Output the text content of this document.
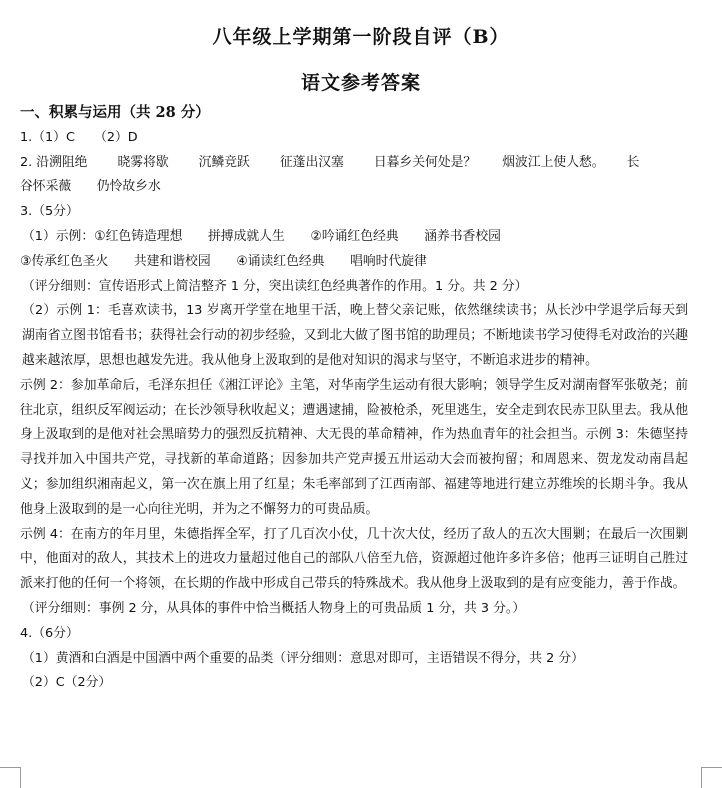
八年级上学期第一阶段自评（B）
语文参考答案
一、积累与运用（共 28 分）
1.（1）C　　（2）D
2. 沿溯阻绝 晓雾将歇 沉鳞竞跃 征蓬出汉塞 日暮乡关何处是？ 烟波江上使人愁。 长
谷怀采薇　　仍怜故乡水
3.（5分）
（1）示例：①红色铸造理想　　拼搏成就人生　　②吟诵红色经典　　涵养书香校园
③传承红色圣火　　共建和谐校园　　④诵读红色经典　　唱响时代旋律
（评分细则：宣传语形式上简洁整齐 1 分，突出读红色经典著作的作用。1 分。共 2 分）
（2）示例 1：毛喜欢读书，13 岁离开学堂在地里干活，晚上替父亲记账，依然继续读书；从长沙中学退学后每天到湖南省立图书馆看书；获得社会行动的初步经验，又到北大做了图书馆的助理员；不断地读书学习使得毛对政治的兴趣越来越浓厚，思想也越发先进。我从他身上汲取到的是他对知识的渴求与坚守，不断追求进步的精神。
示例 2：参加革命后，毛泽东担任《湘江评论》主笔，对华南学生运动有很大影响；领导学生反对湖南督军张敬尧；前往北京，组织反军阀运动；在长沙领导秋收起义；遭遇逮捕，险被枪杀，死里逃生，安全走到农民赤卫队里去。我从他身上汲取到的是他对社会黑暗势力的强烈反抗精神、大无畏的革命精神，作为热血青年的社会担当。示例 3：朱德坚持寻找并加入中国共产党，寻找新的革命道路；因参加共产党声援五卅运动大会而被拘留；和周恩来、贺龙发动南昌起义；参加组织湘南起义，第一次在旗上用了红星；朱毛率部到了江西南部、福建等地进行建立苏维埃的长期斗争。我从他身上汲取到的是一心向往光明，并为之不懈努力的可贵品质。
示例 4：在南方的年月里，朱德指挥全军，打了几百次小仗，几十次大仗，经历了敌人的五次大围剿；在最后一次围剿中，他面对的敌人，其技术上的进攻力量超过他自己的部队八倍至九倍，资源超过他许多许多倍；他再三证明自己胜过派来打他的任何一个将领，在长期的作战中形成自己带兵的特殊战术。我从他身上汲取到的是有应变能力，善于作战。
（评分细则：事例 2 分，从具体的事件中恰当概括人物身上的可贵品质 1 分，共 3 分。）
4.（6分）
（1）黄酒和白酒是中国酒中两个重要的品类（评分细则：意思对即可，主语错误不得分，共 2 分）
（2）C（2分）
